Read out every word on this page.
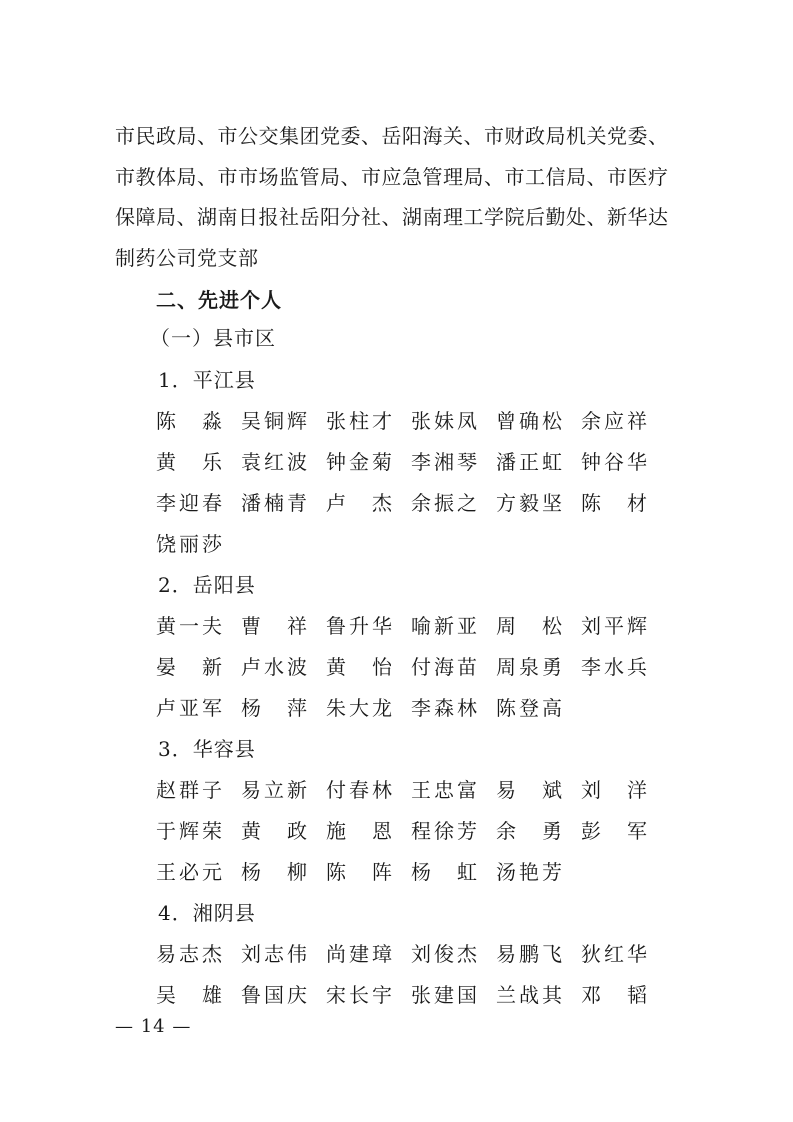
市民政局、市公交集团党委、岳阳海关、市财政局机关党委、
市教体局、市市场监管局、市应急管理局、市工信局、市医疗
保障局、湖南日报社岳阳分社、湖南理工学院后勤处、新华达
制药公司党支部
二、先进个人
（一）县市区
1．平江县
陈 淼 吴 铜 辉 张 柱 才 张 妹 凤 曾 确 松 余 应 祥
黄 乐 袁 红 波 钟 金 菊 李 湘 琴 潘 正 虹 钟 谷 华
李 迎 春 潘 楠 青 卢 杰 余 振 之 方 毅 坚 陈 材
饶 丽 莎
2．岳阳县
黄 一 夫 曹 祥 鲁 升 华 喻 新 亚 周 松 刘 平 辉
晏 新 卢 水 波 黄 怡 付 海 苗 周 泉 勇 李 水 兵
卢 亚 军 杨 萍 朱 大 龙 李 森 林 陈 登 高
3．华容县
赵 群 子 易 立 新 付 春 林 王 忠 富 易 斌 刘 洋
于 辉 荣 黄 政 施 恩 程 徐 芳 余 勇 彭 军
王 必 元 杨 柳 陈 阵 杨 虹 汤 艳 芳
4．湘阴县
易 志 杰 刘 志 伟 尚 建 璋 刘 俊 杰 易 鹏 飞 狄 红 华
吴 雄 鲁 国 庆 宋 长 宇 张 建 国 兰 战 其 邓 韬
— 14 —
